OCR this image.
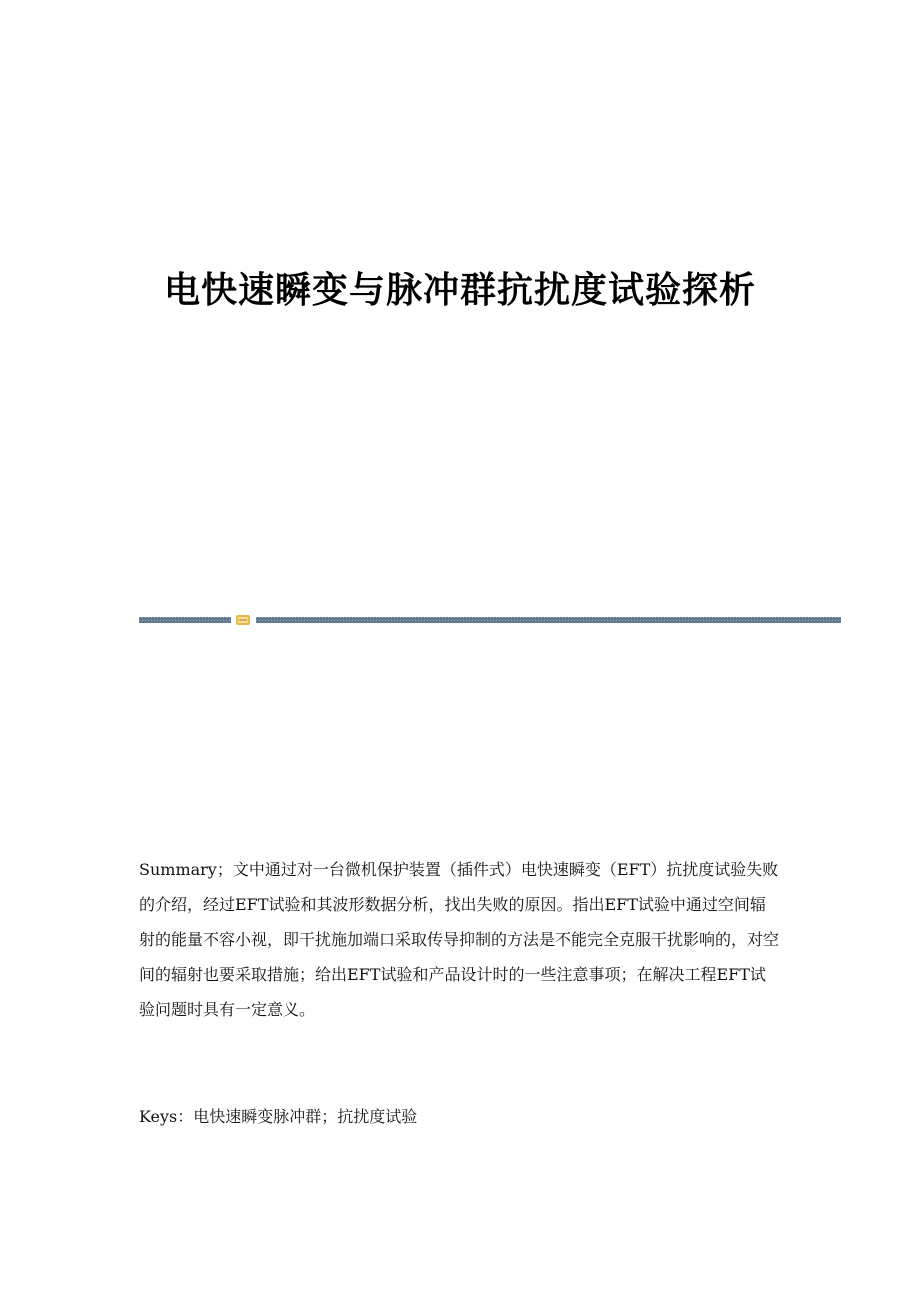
电快速瞬变与脉冲群抗扰度试验探析
Summary；文中通过对一台微机保护装置（插件式）电快速瞬变（EFT）抗扰度试验失败的介绍，经过EFT试验和其波形数据分析，找出失败的原因。指出EFT试验中通过空间辐射的能量不容小视，即干扰施加端口采取传导抑制的方法是不能完全克服干扰影响的，对空间的辐射也要采取措施；给出EFT试验和产品设计时的一些注意事项；在解决工程EFT试验问题时具有一定意义。
Keys：电快速瞬变脉冲群；抗扰度试验
